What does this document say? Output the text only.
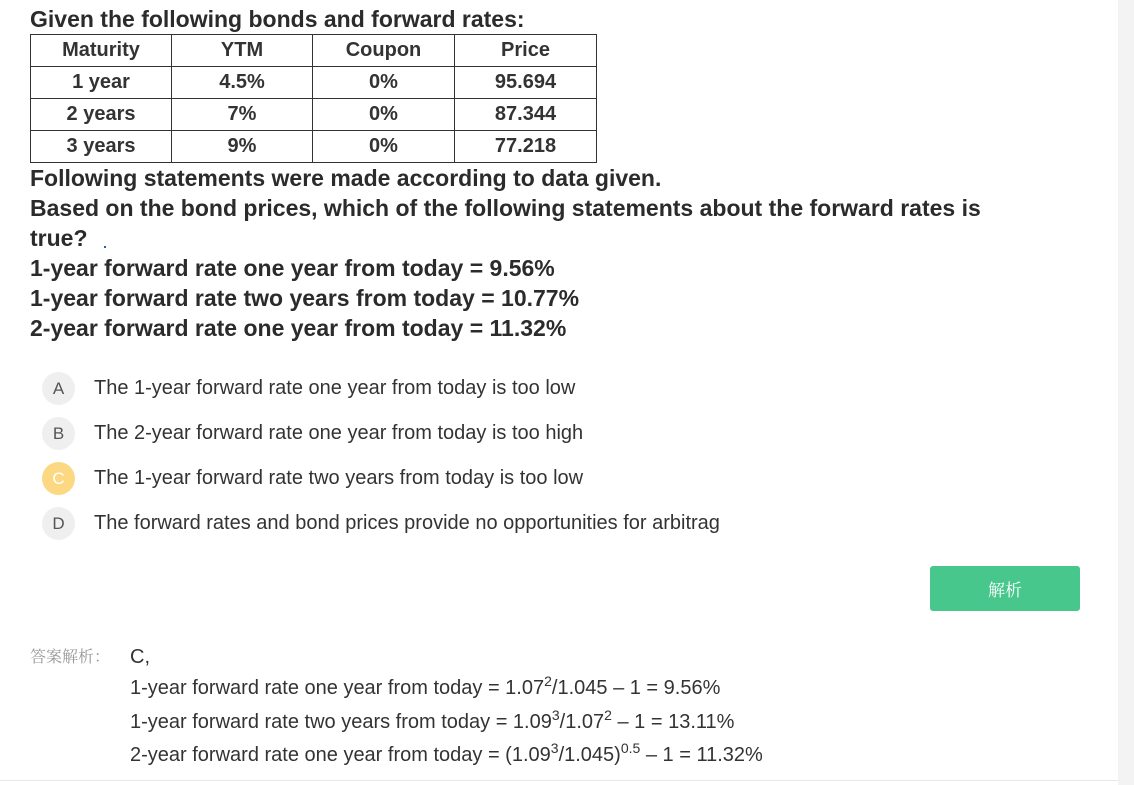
Given the following bonds and forward rates:
Maturity	YTM	Coupon	Price
1 year	4.5%	0%	95.694
2 years	7%	0%	87.344
3 years	9%	0%	77.218
Following statements were made according to data given.
Based on the bond prices, which of the following statements about the forward rates is
true?
1-year forward rate one year from today = 9.56%
1-year forward rate two years from today = 10.77%
2-year forward rate one year from today = 11.32%
A	The 1-year forward rate one year from today is too low
B	The 2-year forward rate one year from today is too high
C	The 1-year forward rate two years from today is too low
D	The forward rates and bond prices provide no opportunities for arbitrag
解析
答案解析： C,
1-year forward rate one year from today = $1.07^2/1.045 - 1 = 9.56\%$
1-year forward rate two years from today = $1.09^3/1.07^2 - 1 = 13.11\%$
2-year forward rate one year from today = $(1.09^3/1.045)^{0.5} - 1 = 11.32\%$
